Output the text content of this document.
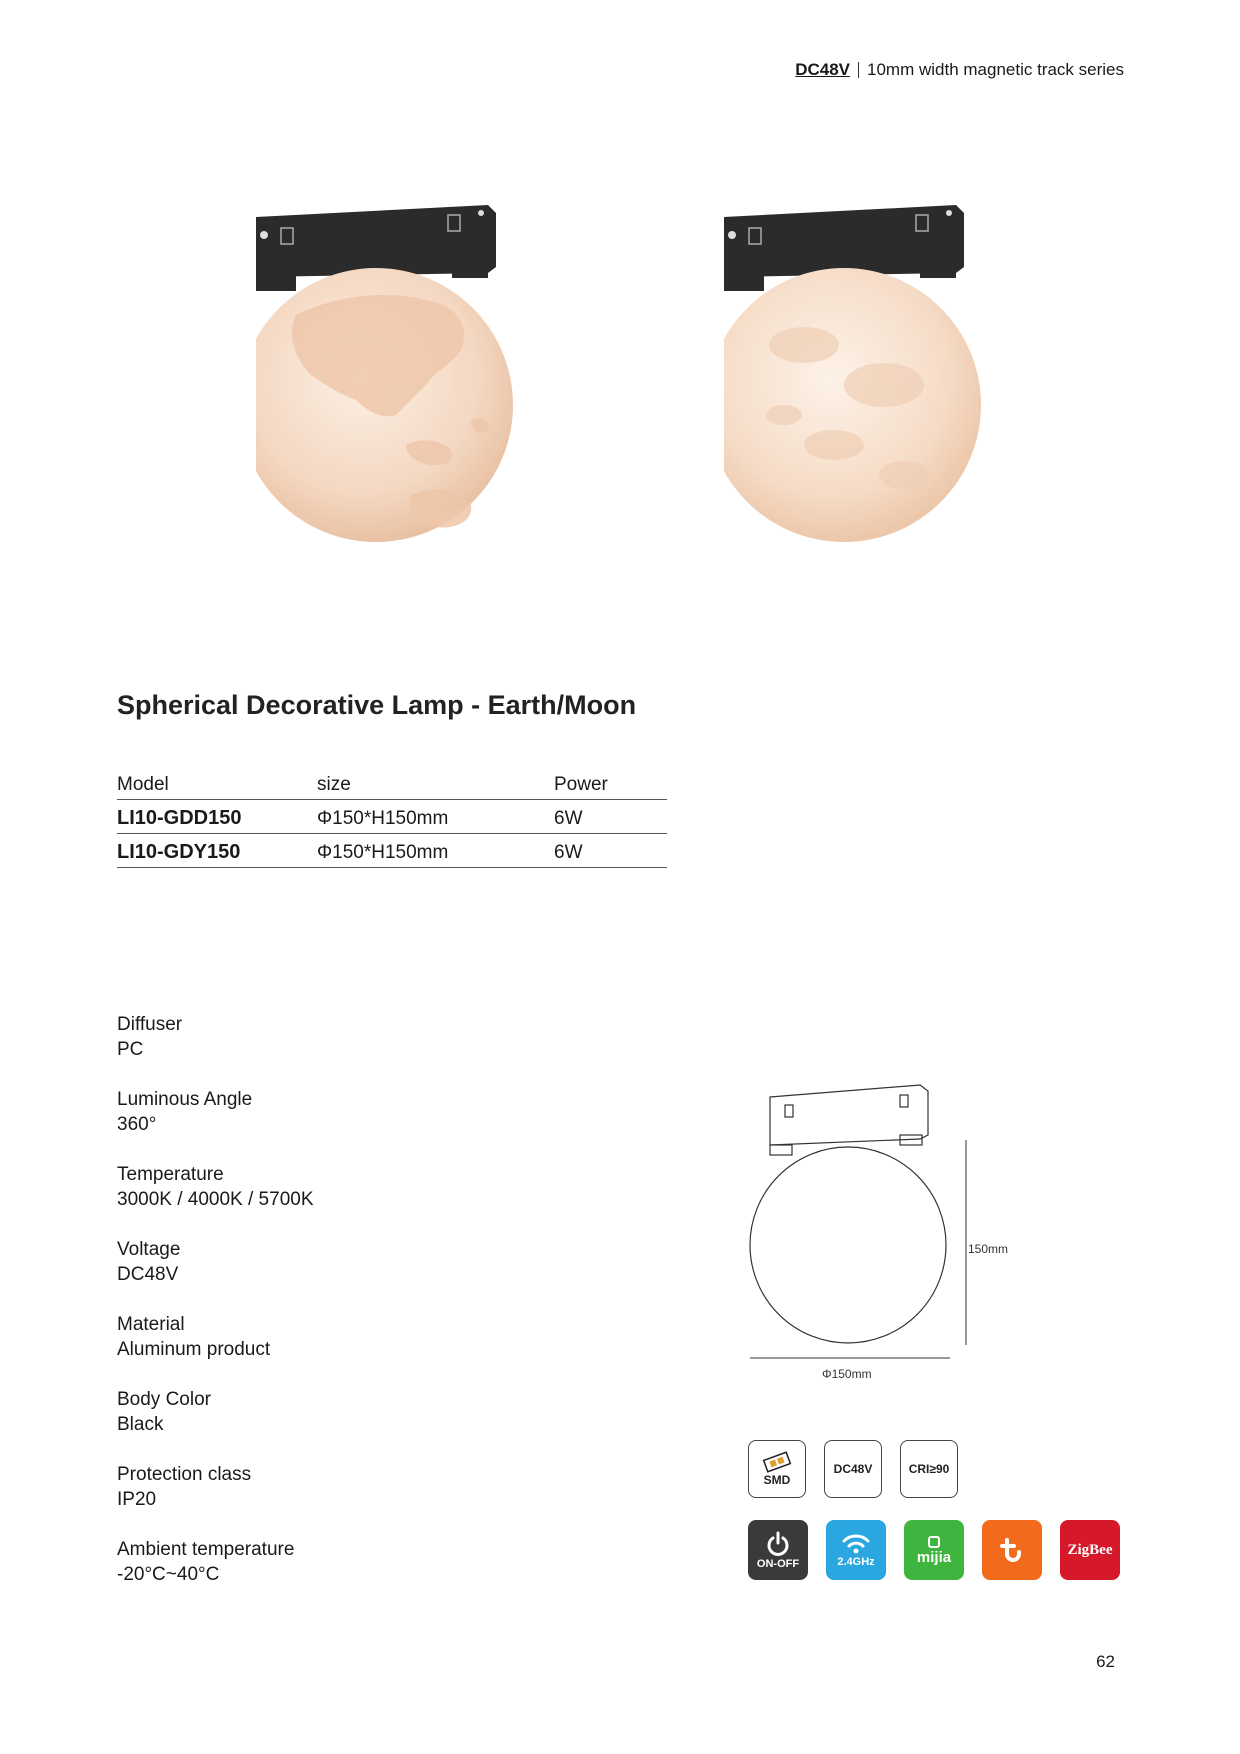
DC48V 10mm width magnetic track series
Spherical Decorative Lamp - Earth/Moon
Model	size	Power
LI10-GDD150	Φ150*H150mm	6W
LI10-GDY150	Φ150*H150mm	6W
Diffuser
PC
Luminous Angle
360°
Temperature
3000K / 4000K / 5700K
Voltage
DC48V
Material
Aluminum product
Body Color
Black
Protection class
IP20
Ambient temperature
-20°C~40°C
150mm
Φ150mm
SMD
DC48V	CRI≥90
ON-OFF	2.4GHz	mijia	ZigBee
62
